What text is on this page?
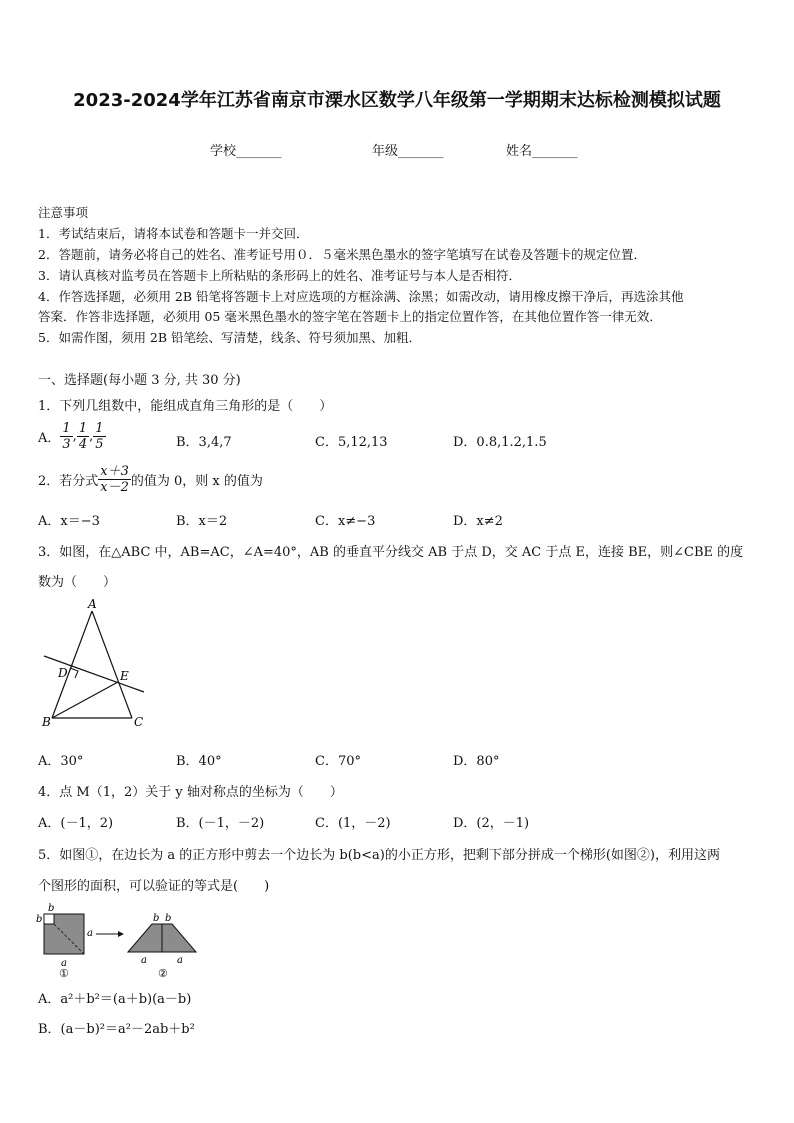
2023-2024学年江苏省南京市溧水区数学八年级第一学期期末达标检测模拟试题
学校_______	年级_______	姓名_______
注意事项
1．考试结束后，请将本试卷和答题卡一并交回．
2．答题前，请务必将自己的姓名、准考证号用０．５毫米黑色墨水的签字笔填写在试卷及答题卡的规定位置．
3．请认真核对监考员在答题卡上所粘贴的条形码上的姓名、准考证号与本人是否相符．
4．作答选择题，必须用 2B 铅笔将答题卡上对应选项的方框涂满、涂黑；如需改动，请用橡皮擦干净后，再选涂其他
答案．作答非选择题，必须用 05 毫米黑色墨水的签字笔在答题卡上的指定位置作答，在其他位置作答一律无效．
5．如需作图，须用 2B 铅笔绘、写清楚，线条、符号须加黑、加粗．
一、选择题(每小题 3 分, 共 30 分)
1．下列几组数中，能组成直角三角形的是（　　）
A． $\frac{1}{3}$ , $\frac{1}{4}$ , $\frac{1}{5}$	B．3,4,7	C．5,12,13	D．0.8,1.2,1.5
2．若分式 $\frac{x+3}{x-2}$ 的值为 0，则 x 的值为
A．x＝−3	B．x＝2	C．x≠−3	D．x≠2
3．如图，在△ABC 中，AB=AC，∠A=40°，AB 的垂直平分线交 AB 于点 D，交 AC 于点 E，连接 BE，则∠CBE 的度
数为（　　）
A
B	C
D	E
A．30°	B．40°	C．70°	D．80°
4．点 M（1，2）关于 y 轴对称点的坐标为（　　）
A．(－1，2)	B．(－1，－2)	C．(1，－2)	D．(2，－1)
5．如图①，在边长为 a 的正方形中剪去一个边长为 b(b<a)的小正方形，把剩下部分拼成一个梯形(如图②)，利用这两
个图形的面积，可以验证的等式是(　　)
b
b
a
a
①
b b
a	a
②
A．a²＋b²＝(a＋b)(a－b)
B．(a－b)²＝a²－2ab＋b²
